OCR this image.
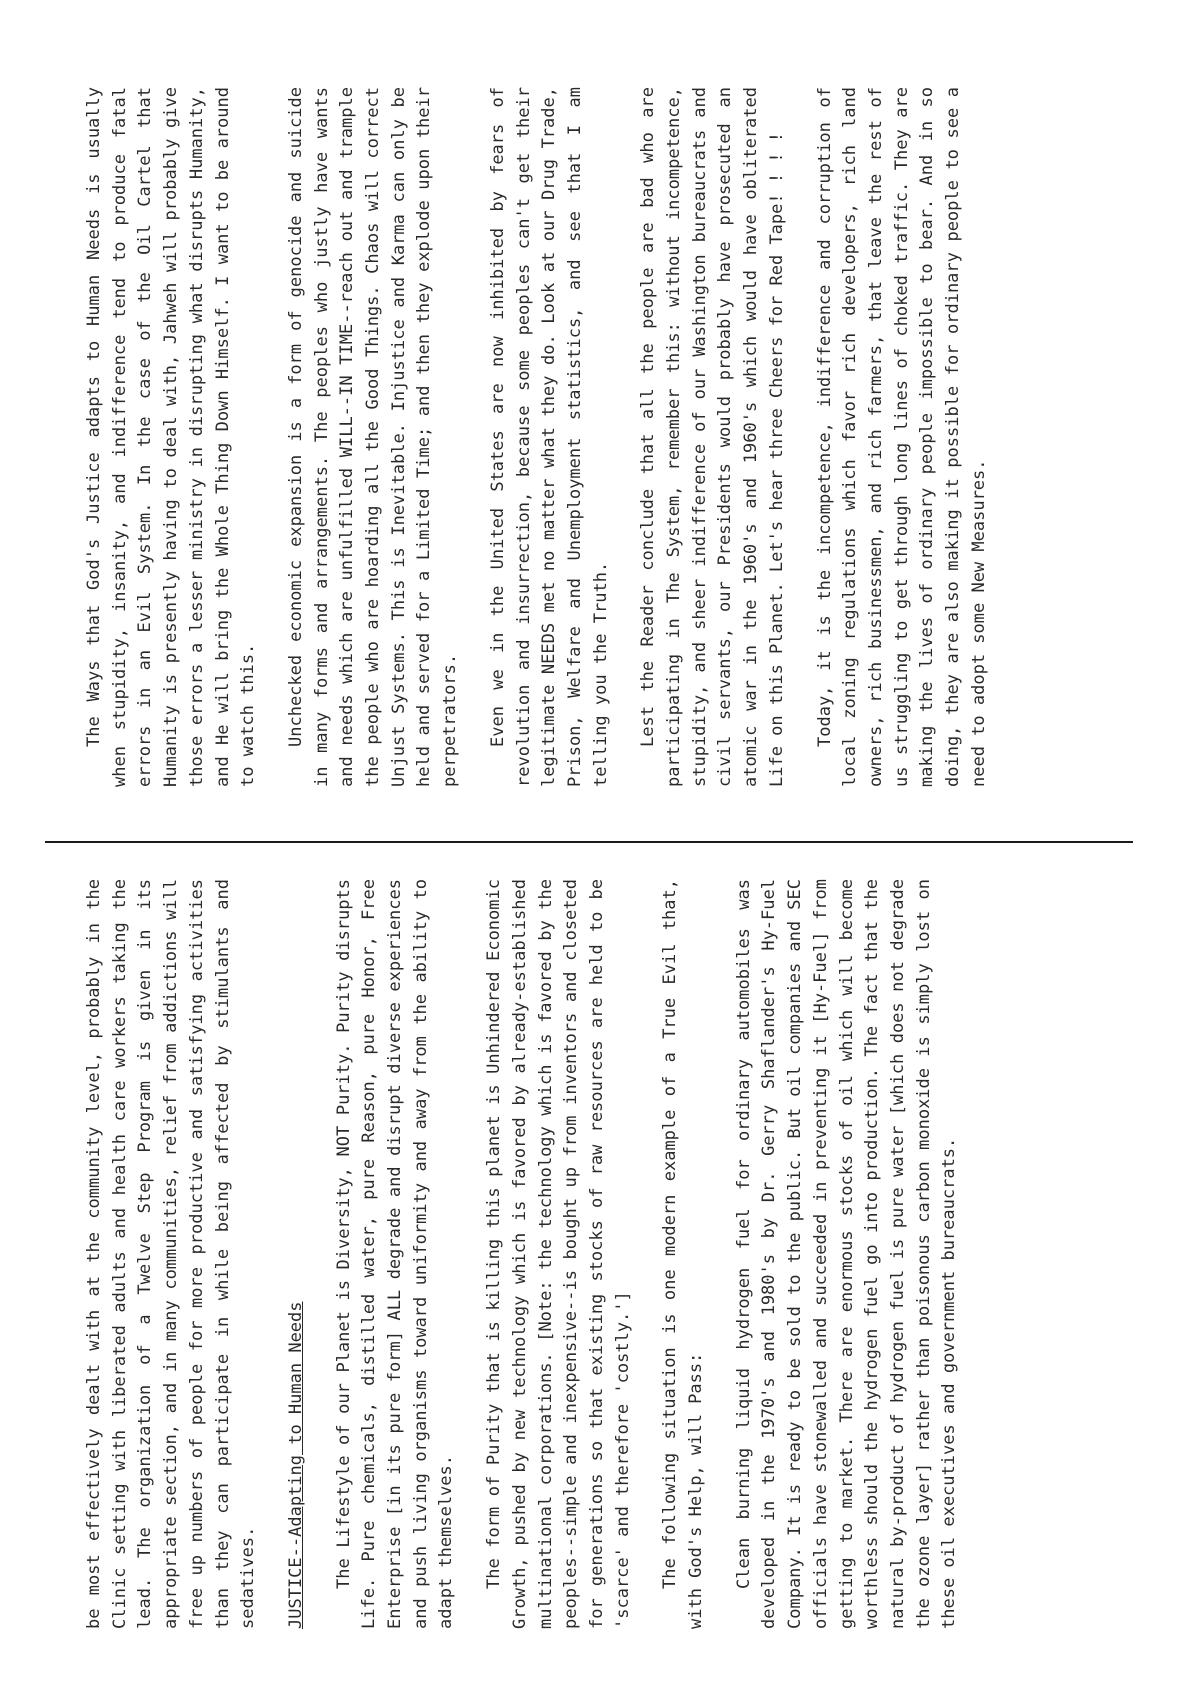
be most effectively dealt with at the community level, probably in the Clinic setting with liberated adults and health care workers taking the lead. The organization of a Twelve Step Program is given in its appropriate section, and in many communities, relief from addictions will free up numbers of people for more productive and satisfying activities than they can participate in while being affected by stimulants and sedatives. JUSTICE--Adapting to Human Needs The Lifestyle of our Planet is Diversity, NOT Purity. Purity disrupts Life. Pure chemicals, distilled water, pure Reason, pure Honor, Free Enterprise [in its pure form] ALL degrade and disrupt diverse experiences and push living organisms toward uniformity and away from the ability to adapt themselves. The form of Purity that is killing this planet is Unhindered Economic Growth, pushed by new technology which is favored by already-established multinational corporations. [Note: the technology which is favored by the peoples--simple and inexpensive--is bought up from inventors and closeted for generations so that existing stocks of raw resources are held to be 'scarce' and therefore 'costly.'] The following situation is one modern example of a True Evil that, with God's Help, will Pass: Clean burning liquid hydrogen fuel for ordinary automobiles was developed in the 1970's and 1980's by Dr. Gerry Shaflander's Hy-Fuel Company. It is ready to be sold to the public. But oil companies and SEC officials have stonewalled and succeeded in preventing it [Hy-Fuel] from getting to market. There are enormous stocks of oil which will become worthless should the hydrogen fuel go into production. The fact that the natural by-product of hydrogen fuel is pure water [which does not degrade the ozone layer] rather than poisonous carbon monoxide is simply lost on these oil executives and government bureaucrats.

The Ways that God's Justice adapts to Human Needs is usually when stupidity, insanity, and indifference tend to produce fatal errors in an Evil System. In the case of the Oil Cartel that Humanity is presently having to deal with, Jahweh will probably give those errors a lesser ministry in disrupting what disrupts Humanity, and He will bring the Whole Thing Down Himself. I want to be around to watch this. Unchecked economic expansion is a form of genocide and suicide in many forms and arrangements. The peoples who justly have wants and needs which are unfulfilled WILL--IN TIME--reach out and trample the people who are hoarding all the Good Things. Chaos will correct Unjust Systems. This is Inevitable. Injustice and Karma can only be held and served for a Limited Time; and then they explode upon their perpetrators. Even we in the United States are now inhibited by fears of revolution and insurrection, because some peoples can't get their legitimate NEEDS met no matter what they do. Look at our Drug Trade, Prison, Welfare and Unemployment statistics, and see that I am telling you the Truth. Lest the Reader conclude that all the people are bad who are participating in The System, remember this: without incompetence, stupidity, and sheer indifference of our Washington bureaucrats and civil servants, our Presidents would probably have prosecuted an atomic war in the 1960's and 1960's which would have obliterated Life on this Planet. Let's hear three Cheers for Red Tape! ! ! ! Today, it is the incompetence, indifference and corruption of local zoning regulations which favor rich developers, rich land owners, rich businessmen, and rich farmers, that leave the rest of us struggling to get through long lines of choked traffic. They are making the lives of ordinary people impossible to bear. And in so doing, they are also making it possible for ordinary people to see a need to adopt some New Measures.
